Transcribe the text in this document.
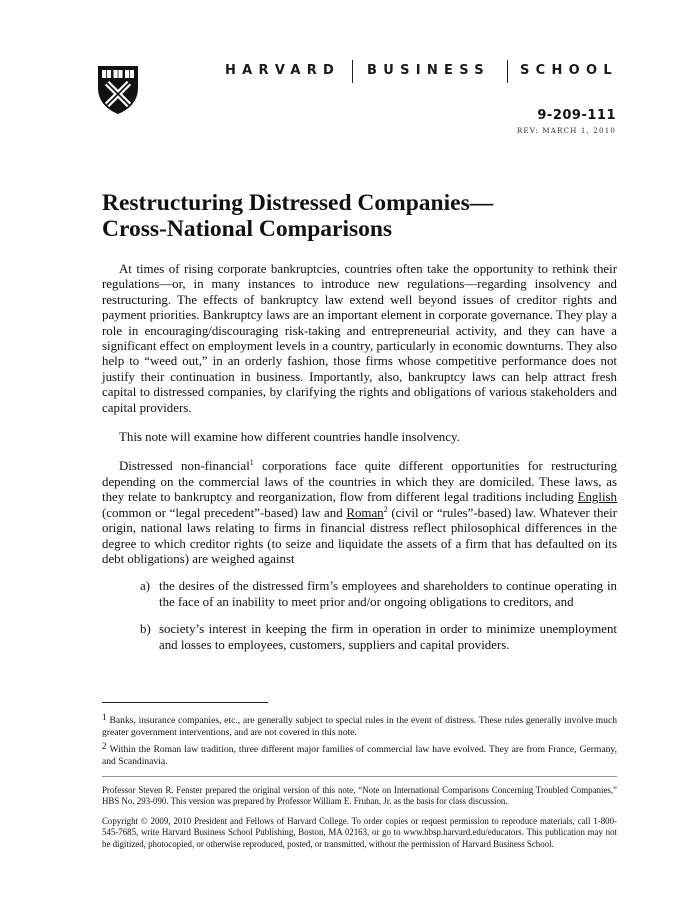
HARVARD BUSINESS SCHOOL
9-209-111
REV: MARCH 1, 2010
Restructuring Distressed Companies—
Cross-National Comparisons

At times of rising corporate bankruptcies, countries often take the opportunity to rethink their regulations—or, in many instances to introduce new regulations—regarding insolvency and restructuring. The effects of bankruptcy law extend well beyond issues of creditor rights and payment priorities. Bankruptcy laws are an important element in corporate governance. They play a role in encouraging/discouraging risk-taking and entrepreneurial activity, and they can have a significant effect on employment levels in a country, particularly in economic downturns. They also help to “weed out,” in an orderly fashion, those firms whose competitive performance does not justify their continuation in business. Importantly, also, bankruptcy laws can help attract fresh capital to distressed companies, by clarifying the rights and obligations of various stakeholders and capital providers.

This note will examine how different countries handle insolvency.

Distressed non-financial$^1$ corporations face quite different opportunities for restructuring depending on the commercial laws of the countries in which they are domiciled. These laws, as they relate to bankruptcy and reorganization, flow from different legal traditions including English (common or “legal precedent”-based) law and Roman$^2$ (civil or “rules”-based) law. Whatever their origin, national laws relating to firms in financial distress reflect philosophical differences in the degree to which creditor rights (to seize and liquidate the assets of a firm that has defaulted on its debt obligations) are weighed against

a) the desires of the distressed firm’s employees and shareholders to continue operating in the face of an inability to meet prior and/or ongoing obligations to creditors, and
b) society’s interest in keeping the firm in operation in order to minimize unemployment and losses to employees, customers, suppliers and capital providers.
$^1$ Banks, insurance companies, etc., are generally subject to special rules in the event of distress. These rules generally involve much greater government interventions, and are not covered in this note.
$^2$ Within the Roman law tradition, three different major families of commercial law have evolved. They are from France, Germany, and Scandinavia.
Professor Steven R. Fenster prepared the original version of this note, “Note on International Comparisons Concerning Troubled Companies,” HBS No. 293-090. This version was prepared by Professor William E. Fruhan, Jr. as the basis for class discussion.
Copyright © 2009, 2010 President and Fellows of Harvard College. To order copies or request permission to reproduce materials, call 1-800-545-7685, write Harvard Business School Publishing, Boston, MA 02163, or go to www.hbsp.harvard.edu/educators. This publication may not be digitized, photocopied, or otherwise reproduced, posted, or transmitted, without the permission of Harvard Business School.
